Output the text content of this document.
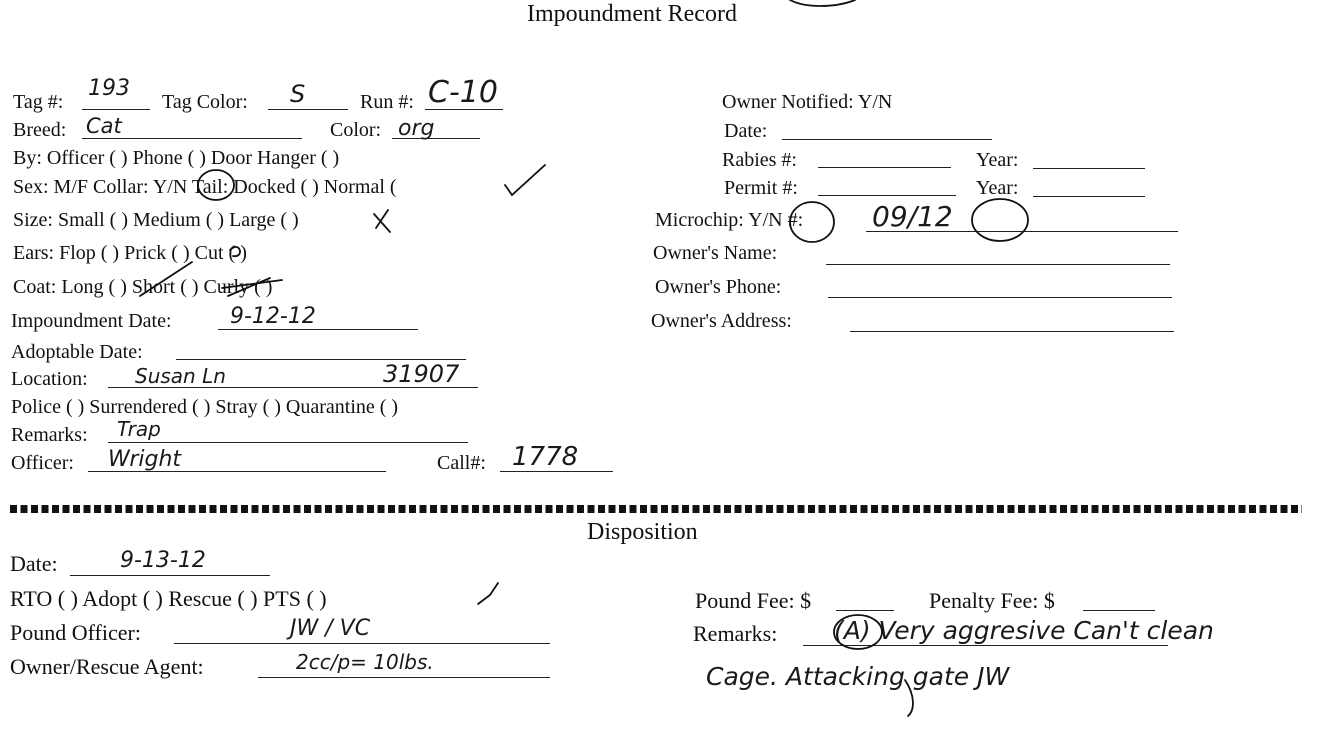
Impoundment Record
Tag #:
193
Tag Color: S	Run #: C-10
Breed: Cat	Color: org
By: Officer ( ) Phone ( ) Door Hanger ( )
Sex: M/F Collar: Y/N Tail: Docked ( ) Normal (
Size: Small ( ) Medium ( ) Large ( )
Ears: Flop ( ) Prick ( ) Cut ( )
Coat: Long ( ) Short ( ) Curly ( )
Impoundment Date:	9-12-12
Adoptable Date:
Location: Susan Ln	31907
Police ( ) Surrendered ( ) Stray ( ) Quarantine ( )
Remarks: Trap
Officer: Wright	Call#: 1778
Owner Notified: Y/N
Date:
Rabies #:	Year:
Permit #:	Year:
Microchip: Y/N #: 09/12
Owner's Name:
Owner's Phone:
Owner's Address:
Disposition
Date:	9-13-12
RTO ( ) Adopt ( ) Rescue ( ) PTS ( )
Pound Officer:	JW / VC
Owner/Rescue Agent:	2cc/p= 10lbs.
Pound Fee: $	Penalty Fee: $
Remarks: (A) Very aggresive Can't clean
Cage. Attacking gate JW
